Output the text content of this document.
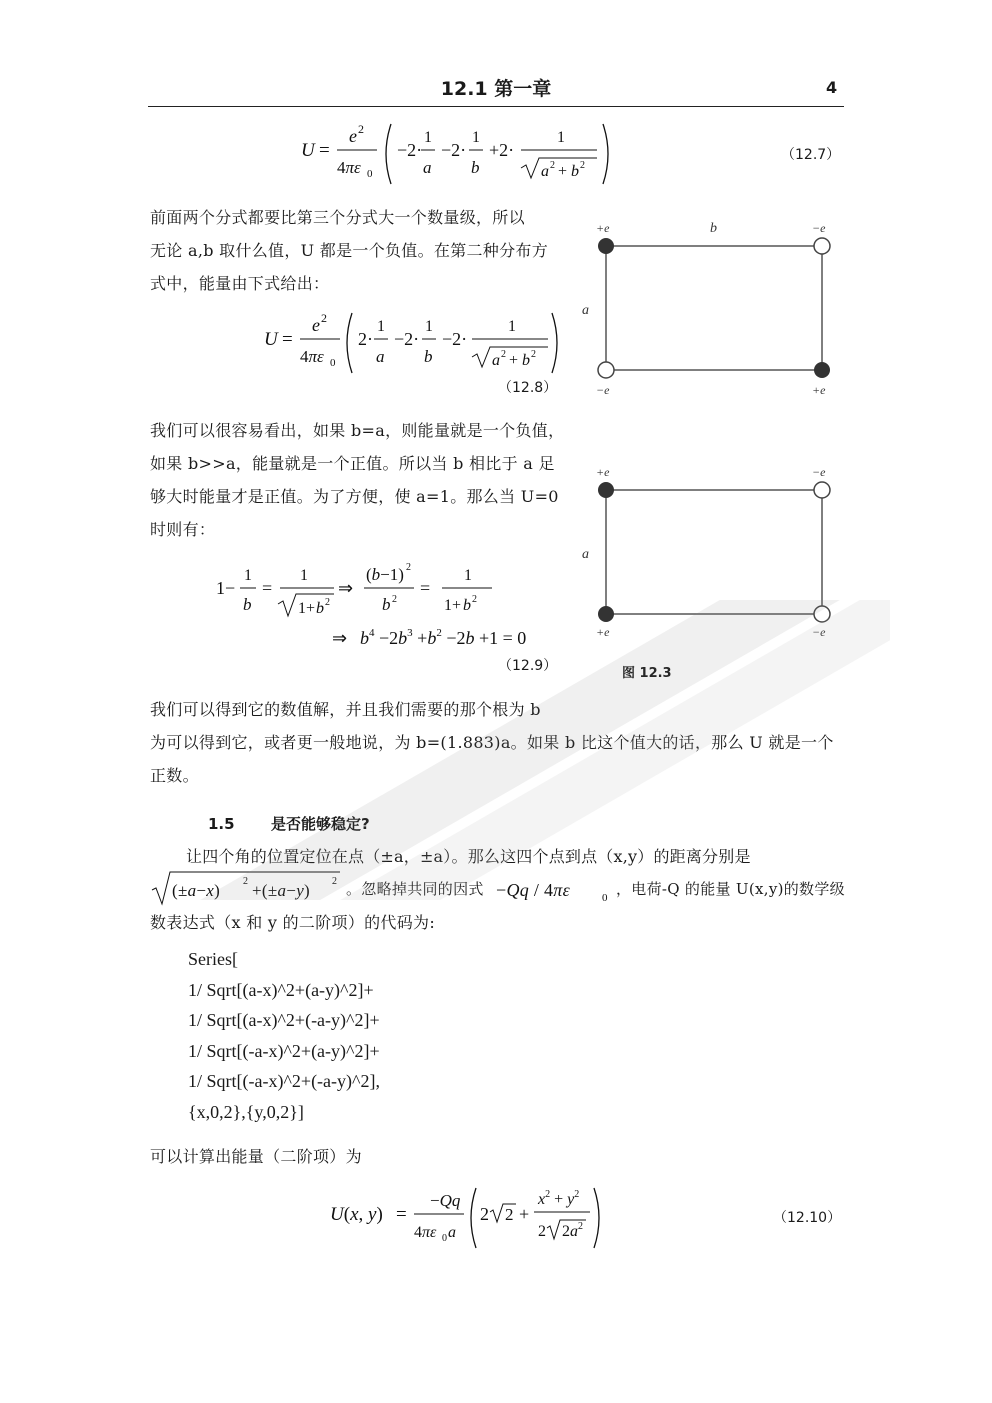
12.1 第一章	4
U =
e 2
4πε 0
−2·
1
a
−2·
1
b
+2·
1
a 2 + b 2
（12.7）
前面两个分式都要比第三个分式大一个数量级，所以
无论 a,b 取什么值，U 都是一个负值。在第二种分布方
式中，能量由下式给出：
U =
e 2
4πε 0
2·
1
a
−2·
1
b
−2·
1
a 2 + b 2
（12.8）
+e	−e
−e	+e
b
a
我们可以很容易看出，如果 b=a，则能量就是一个负值，
如果 b>>a，能量就是一个正值。所以当 b 相比于 a 足
够大时能量才是正值。为了方便，使 a=1。那么当 U=0
时则有：
+e	−e
+e	−e
a
图 12.3
1−
1
b
=
1
1+ b 2
⇒
(b−1) 2
b 2
=
1
1+ b 2
⇒ $b^4 -2b^3 +b^2 -2b +1 = 0$
（12.9）
我们可以得到它的数值解，并且我们需要的那个根为 b
为可以得到它，或者更一般地说，为 b=(1.883)a。如果 b 比这个值大的话，那么 U 就是一个
正数。
1.5 是否能够稳定?
让四个角的位置定位在点（±a，±a）。那么这四个点到点（x,y）的距离分别是
(±a−x) 2 +(±a−y) 2 。忽略掉共同的因式 −Qq / 4πε	0 ，电荷-Q 的能量 U(x,y)的数学级
数表达式（x 和 y 的二阶项）的代码为:
Series[
1/ Sqrt[(a-x)^2+(a-y)^2]+
1/ Sqrt[(a-x)^2+(-a-y)^2]+
1/ Sqrt[(-a-x)^2+(a-y)^2]+
1/ Sqrt[(-a-x)^2+(-a-y)^2],
{x,0,2},{y,0,2}]
可以计算出能量（二阶项）为
U(x, y) =
−Qq
4πε 0 a
2 2 +
$x^2 + y^2$
2 $2a^2$
（12.10）
